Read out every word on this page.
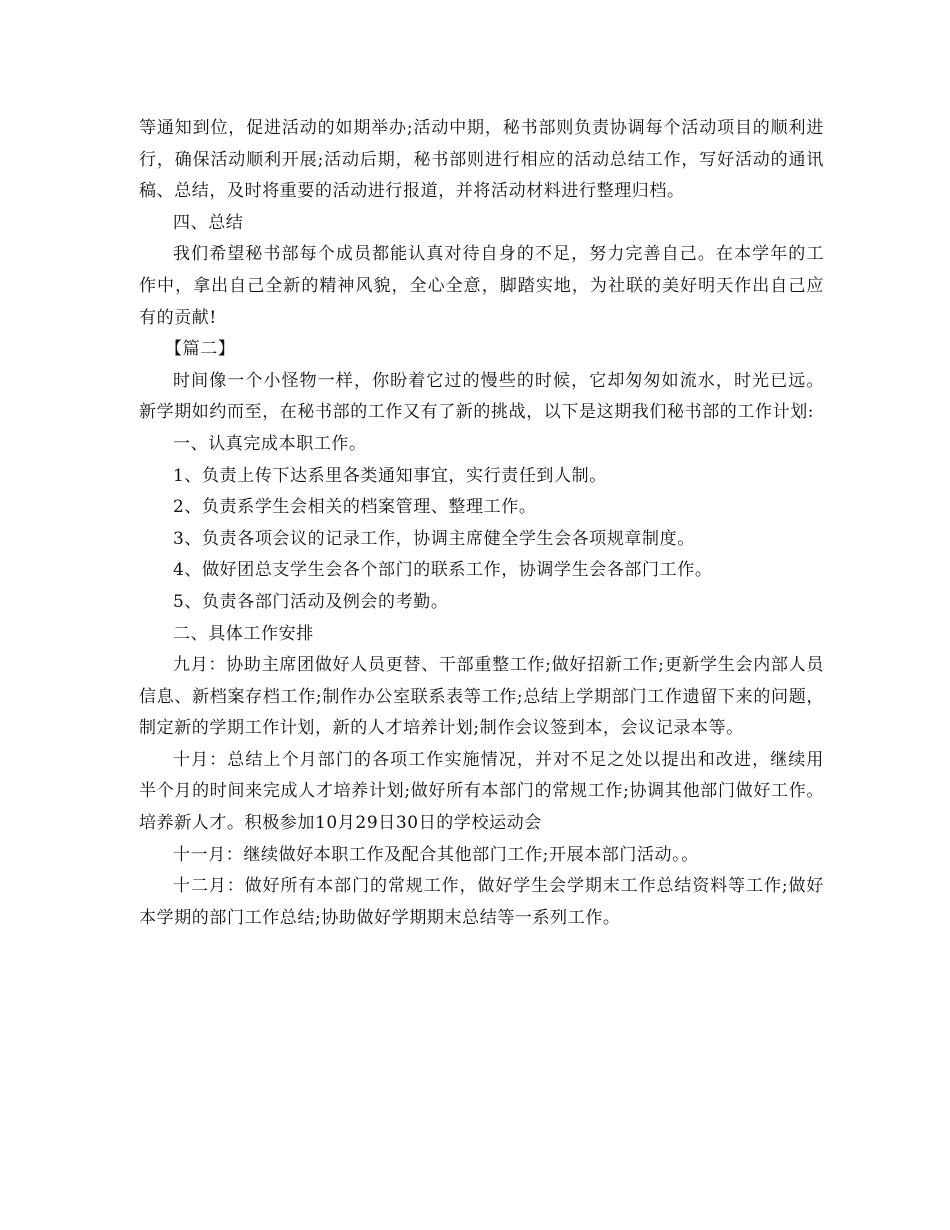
等通知到位，促进活动的如期举办;活动中期，秘书部则负责协调每个活动项目的顺利进行，确保活动顺利开展;活动后期，秘书部则进行相应的活动总结工作，写好活动的通讯稿、总结，及时将重要的活动进行报道，并将活动材料进行整理归档。

四、总结

我们希望秘书部每个成员都能认真对待自身的不足，努力完善自己。在本学年的工作中，拿出自己全新的精神风貌，全心全意，脚踏实地，为社联的美好明天作出自己应有的贡献!

【篇二】

时间像一个小怪物一样，你盼着它过的慢些的时候，它却匆匆如流水，时光已远。新学期如约而至，在秘书部的工作又有了新的挑战，以下是这期我们秘书部的工作计划:

一、认真完成本职工作。

1、负责上传下达系里各类通知事宜，实行责任到人制。

2、负责系学生会相关的档案管理、整理工作。

3、负责各项会议的记录工作，协调主席健全学生会各项规章制度。

4、做好团总支学生会各个部门的联系工作，协调学生会各部门工作。

5、负责各部门活动及例会的考勤。

二、具体工作安排

九月：协助主席团做好人员更替、干部重整工作;做好招新工作;更新学生会内部人员信息、新档案存档工作;制作办公室联系表等工作;总结上学期部门工作遗留下来的问题，制定新的学期工作计划，新的人才培养计划;制作会议签到本，会议记录本等。

十月：总结上个月部门的各项工作实施情况，并对不足之处以提出和改进，继续用半个月的时间来完成人才培养计划;做好所有本部门的常规工作;协调其他部门做好工作。培养新人才。积极参加10月29日30日的学校运动会

十一月：继续做好本职工作及配合其他部门工作;开展本部门活动。。

十二月：做好所有本部门的常规工作，做好学生会学期末工作总结资料等工作;做好本学期的部门工作总结;协助做好学期期末总结等一系列工作。
